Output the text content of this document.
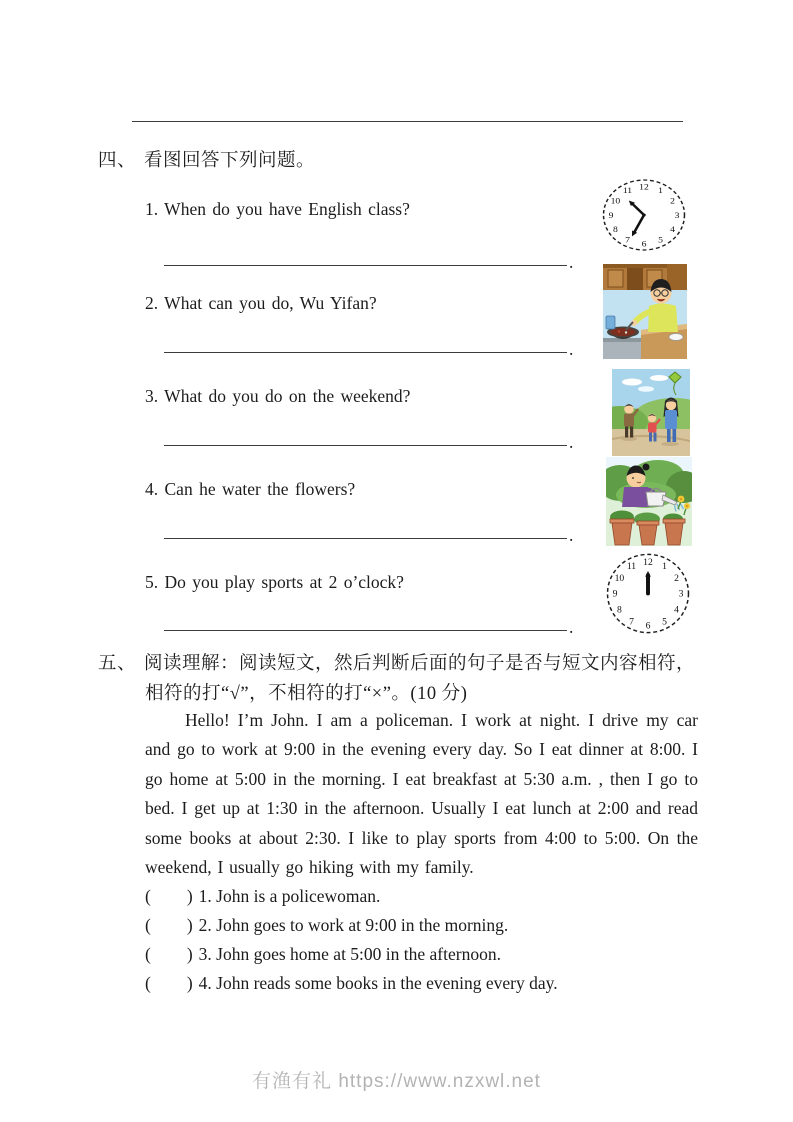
四、 看图回答下列问题。
1. When do you have English class?
2. What can you do, Wu Yifan?
3. What do you do on the weekend?
4. Can he water the flowers?
5. Do you play sports at 2 o’clock?
.
.
.
.
.
12 1
2
3
4
5
6
7
8
9
10
11
12 1
2
3
4
5
6
7
8
9
10
11
五、 阅读理解：阅读短文，然后判断后面的句子是否与短文内容相符，
相符的打“√”，不相符的打“×”。(10 分)
Hello! I’m John. I am a policeman. I work at night. I drive my car and go to work at 9:00 in the evening every day. So I eat dinner at 8:00. I go home at 5:00 in the morning. I eat breakfast at 5:30 a.m. , then I go to bed. I get up at 1:30 in the afternoon. Usually I eat lunch at 2:00 and read some books at about 2:30. I like to play sports from 4:00 to 5:00. On the weekend, I usually go hiking with my family.
( ) 1. John is a policewoman.
( ) 2. John goes to work at 9:00 in the morning.
( ) 3. John goes home at 5:00 in the afternoon.
( ) 4. John reads some books in the evening every day.
有渔有礼 https://www.nzxwl.net
